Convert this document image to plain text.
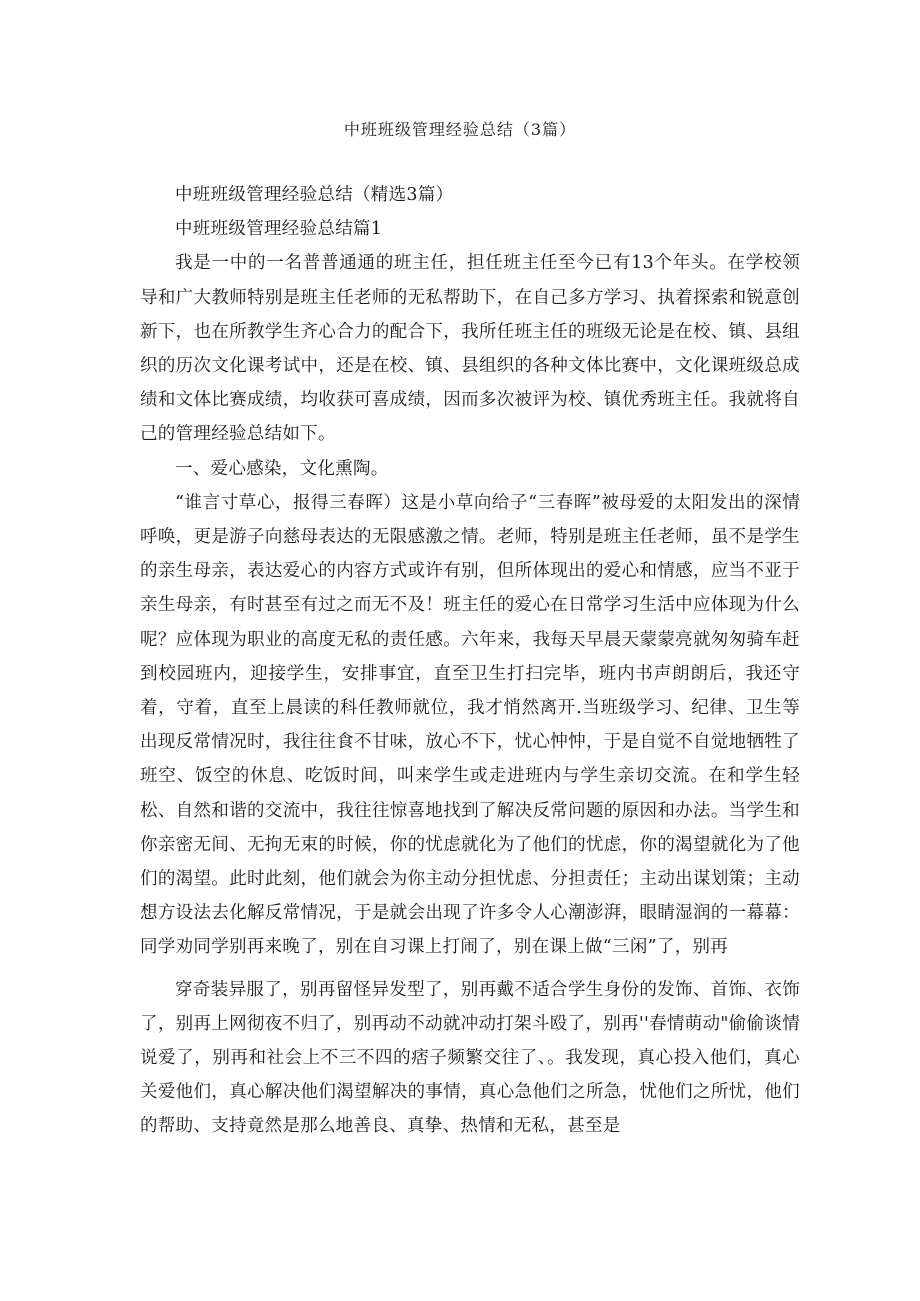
中班班级管理经验总结（3篇）

中班班级管理经验总结（精选3篇）

中班班级管理经验总结篇1

我是一中的一名普普通通的班主任，担任班主任至今已有13个年头。在学校领导和广大教师特别是班主任老师的无私帮助下，在自己多方学习、执着探索和锐意创新下，也在所教学生齐心合力的配合下，我所任班主任的班级无论是在校、镇、县组织的历次文化课考试中，还是在校、镇、县组织的各种文体比赛中，文化课班级总成绩和文体比赛成绩，均收获可喜成绩，因而多次被评为校、镇优秀班主任。我就将自己的管理经验总结如下。

一、爱心感染，文化熏陶。

“谁言寸草心，报得三春晖）这是小草向给子“三春晖”被母爱的太阳发出的深情呼唤，更是游子向慈母表达的无限感激之情。老师，特别是班主任老师，虽不是学生的亲生母亲，表达爱心的内容方式或许有别，但所体现出的爱心和情感，应当不亚于亲生母亲，有时甚至有过之而无不及！班主任的爱心在日常学习生活中应体现为什么呢？应体现为职业的高度无私的责任感。六年来，我每天早晨天蒙蒙亮就匆匆骑车赶到校园班内，迎接学生，安排事宜，直至卫生打扫完毕，班内书声朗朗后，我还守着，守着，直至上晨读的科任教师就位，我才悄然离开.当班级学习、纪律、卫生等出现反常情况时，我往往食不甘味，放心不下，忧心忡忡，于是自觉不自觉地牺牲了班空、饭空的休息、吃饭时间，叫来学生或走进班内与学生亲切交流。在和学生轻松、自然和谐的交流中，我往往惊喜地找到了解决反常问题的原因和办法。当学生和你亲密无间、无拘无束的时候，你的忧虑就化为了他们的忧虑，你的渴望就化为了他们的渴望。此时此刻，他们就会为你主动分担忧虑、分担责任；主动出谋划策；主动想方设法去化解反常情况，于是就会出现了许多令人心潮澎湃，眼睛湿润的一幕幕：同学劝同学别再来晚了，别在自习课上打闹了，别在课上做“三闲”了，别再

穿奇装异服了，别再留怪异发型了，别再戴不适合学生身份的发饰、首饰、衣饰了，别再上网彻夜不归了，别再动不动就冲动打架斗殴了，别再''春情萌动"偷偷谈情说爱了，别再和社会上不三不四的痞子频繁交往了、。我发现，真心投入他们，真心关爱他们，真心解决他们渴望解决的事情，真心急他们之所急，忧他们之所忧，他们的帮助、支持竟然是那么地善良、真挚、热情和无私，甚至是
